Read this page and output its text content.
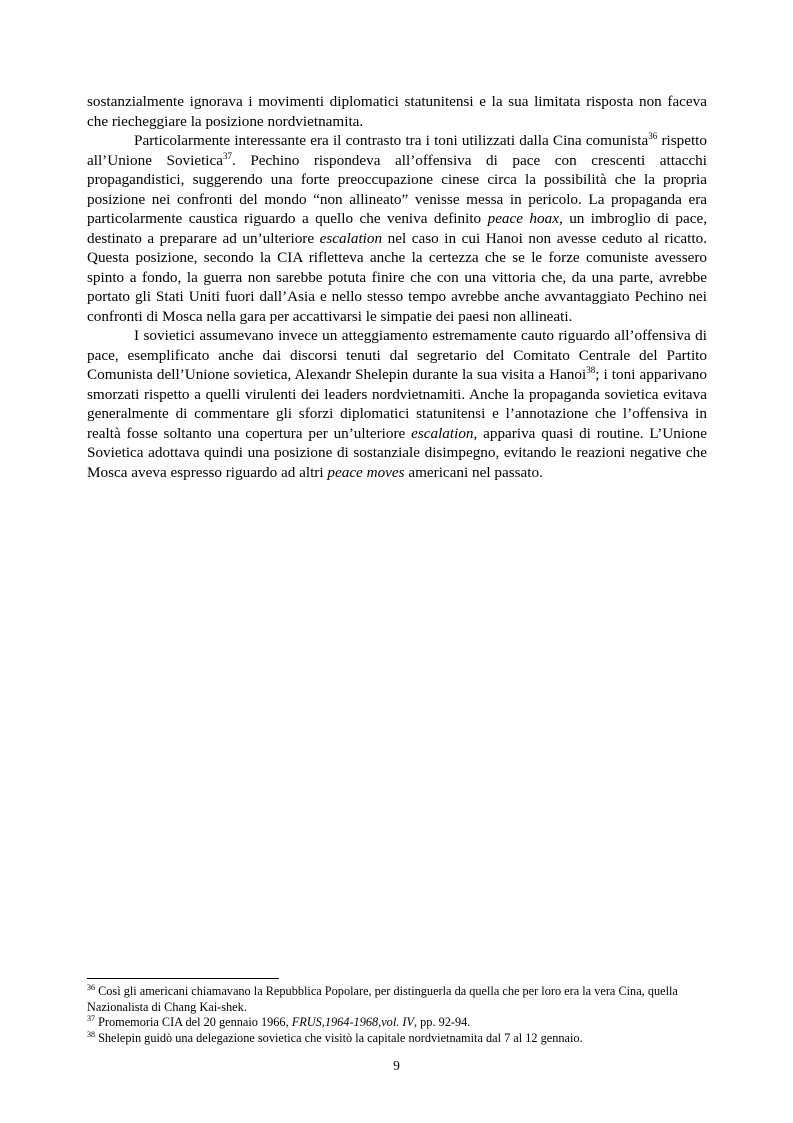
sostanzialmente ignorava i movimenti diplomatici statunitensi e la sua limitata risposta non faceva che riecheggiare la posizione nordvietnamita.

Particolarmente interessante era il contrasto tra i toni utilizzati dalla Cina comunista$^{36}$ rispetto all’Unione Sovietica$^{37}$. Pechino rispondeva all’offensiva di pace con crescenti attacchi propagandistici, suggerendo una forte preoccupazione cinese circa la possibilità che la propria posizione nei confronti del mondo “non allineato” venisse messa in pericolo. La propaganda era particolarmente caustica riguardo a quello che veniva definito peace hoax, un imbroglio di pace, destinato a preparare ad un’ulteriore escalation nel caso in cui Hanoi non avesse ceduto al ricatto. Questa posizione, secondo la CIA rifletteva anche la certezza che se le forze comuniste avessero spinto a fondo, la guerra non sarebbe potuta finire che con una vittoria che, da una parte, avrebbe portato gli Stati Uniti fuori dall’Asia e nello stesso tempo avrebbe anche avvantaggiato Pechino nei confronti di Mosca nella gara per accattivarsi le simpatie dei paesi non allineati.

I sovietici assumevano invece un atteggiamento estremamente cauto riguardo all’offensiva di pace, esemplificato anche dai discorsi tenuti dal segretario del Comitato Centrale del Partito Comunista dell’Unione sovietica, Alexandr Shelepin durante la sua visita a Hanoi$^{38}$; i toni apparivano smorzati rispetto a quelli virulenti dei leaders nordvietnamiti. Anche la propaganda sovietica evitava generalmente di commentare gli sforzi diplomatici statunitensi e l’annotazione che l’offensiva in realtà fosse soltanto una copertura per un’ulteriore escalation, appariva quasi di routine. L’Unione Sovietica adottava quindi una posizione di sostanziale disimpegno, evitando le reazioni negative che Mosca aveva espresso riguardo ad altri peace moves americani nel passato.

$^{36}$ Così gli americani chiamavano la Repubblica Popolare, per distinguerla da quella che per loro era la vera Cina, quella Nazionalista di Chang Kai-shek.

$^{37}$ Promemoria CIA del 20 gennaio 1966, FRUS,1964-1968,vol. IV, pp. 92-94.

$^{38}$ Shelepin guidò una delegazione sovietica che visitò la capitale nordvietnamita dal 7 al 12 gennaio.

9
